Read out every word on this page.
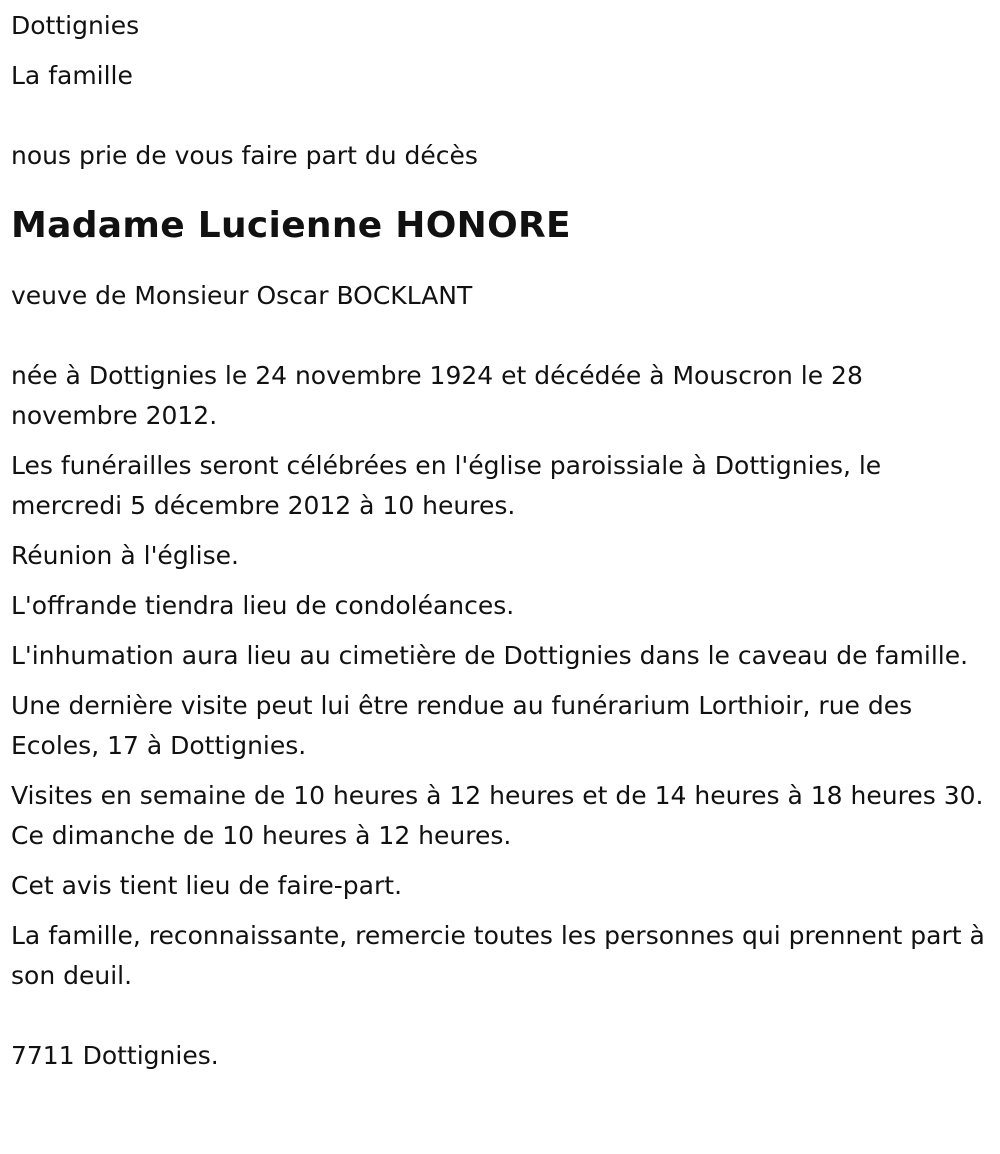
Dottignies

La famille

nous prie de vous faire part du décès

Madame Lucienne HONORE

veuve de Monsieur Oscar BOCKLANT

née à Dottignies le 24 novembre 1924 et décédée à Mouscron le 28 novembre 2012.

Les funérailles seront célébrées en l'église paroissiale à Dottignies, le mercredi 5 décembre 2012 à 10 heures.

Réunion à l'église.

L'offrande tiendra lieu de condoléances.

L'inhumation aura lieu au cimetière de Dottignies dans le caveau de famille.

Une dernière visite peut lui être rendue au funérarium Lorthioir, rue des Ecoles, 17 à Dottignies.

Visites en semaine de 10 heures à 12 heures et de 14 heures à 18 heures 30. Ce dimanche de 10 heures à 12 heures.

Cet avis tient lieu de faire-part.

La famille, reconnaissante, remercie toutes les personnes qui prennent part à son deuil.

7711 Dottignies.
